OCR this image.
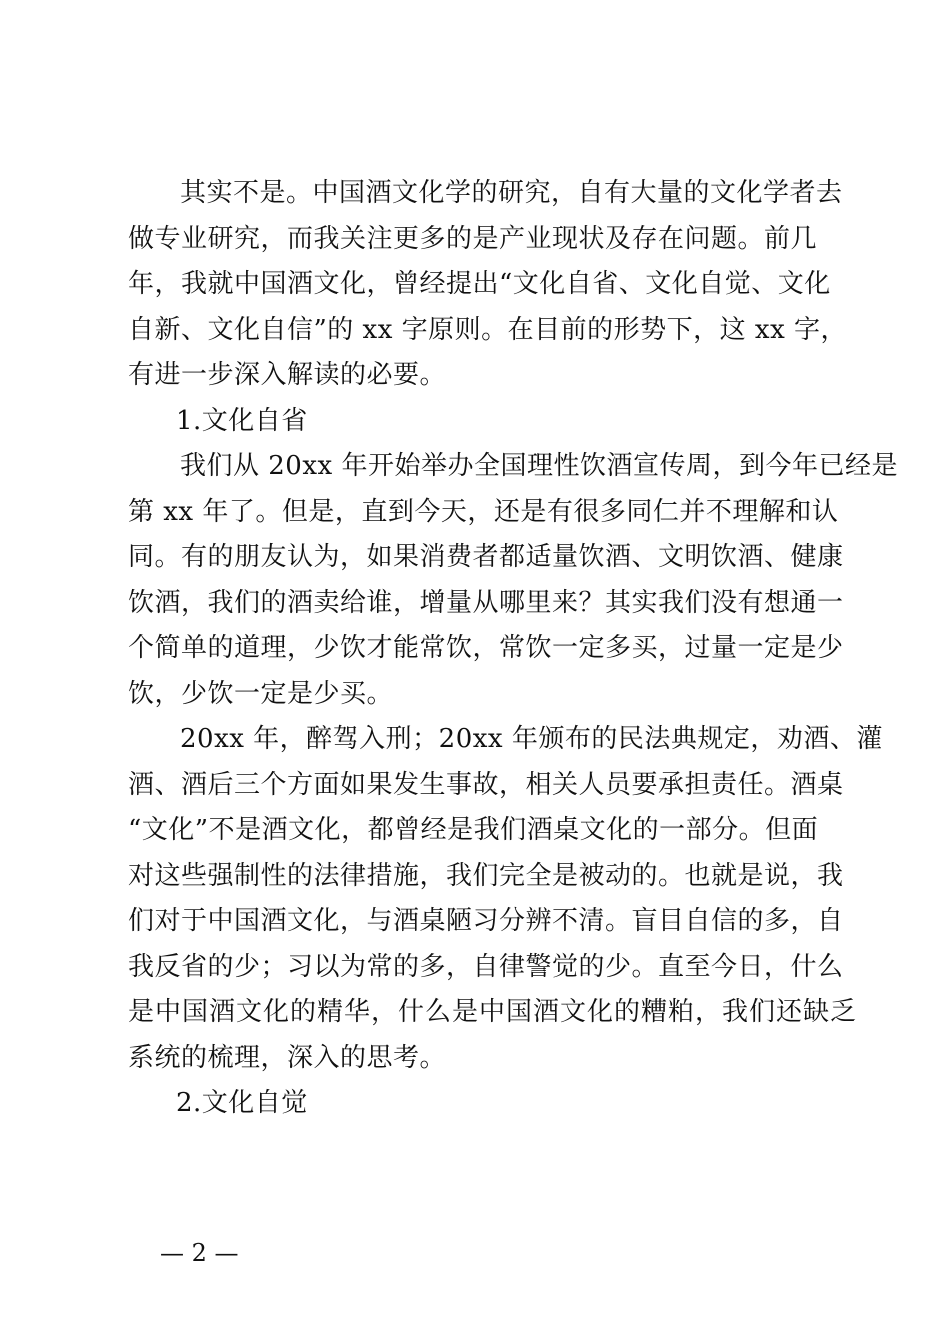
其实不是。中国酒文化学的研究，自有大量的文化学者去
做专业研究，而我关注更多的是产业现状及存在问题。前几
年，我就中国酒文化，曾经提出“文化自省、文化自觉、文化
自新、文化自信”的 xx 字原则。在目前的形势下，这 xx 字，
有进一步深入解读的必要。
1.文化自省
我们从 20xx 年开始举办全国理性饮酒宣传周，到今年已经是
第 xx 年了。但是，直到今天，还是有很多同仁并不理解和认
同。有的朋友认为，如果消费者都适量饮酒、文明饮酒、健康
饮酒，我们的酒卖给谁，增量从哪里来？其实我们没有想通一
个简单的道理，少饮才能常饮，常饮一定多买，过量一定是少
饮，少饮一定是少买。
20xx 年，醉驾入刑；20xx 年颁布的民法典规定，劝酒、灌
酒、酒后三个方面如果发生事故，相关人员要承担责任。酒桌
“文化”不是酒文化，都曾经是我们酒桌文化的一部分。但面
对这些强制性的法律措施，我们完全是被动的。也就是说，我
们对于中国酒文化，与酒桌陋习分辨不清。盲目自信的多，自
我反省的少；习以为常的多，自律警觉的少。直至今日，什么
是中国酒文化的精华，什么是中国酒文化的糟粕，我们还缺乏
系统的梳理，深入的思考。
2.文化自觉
— 2 —
